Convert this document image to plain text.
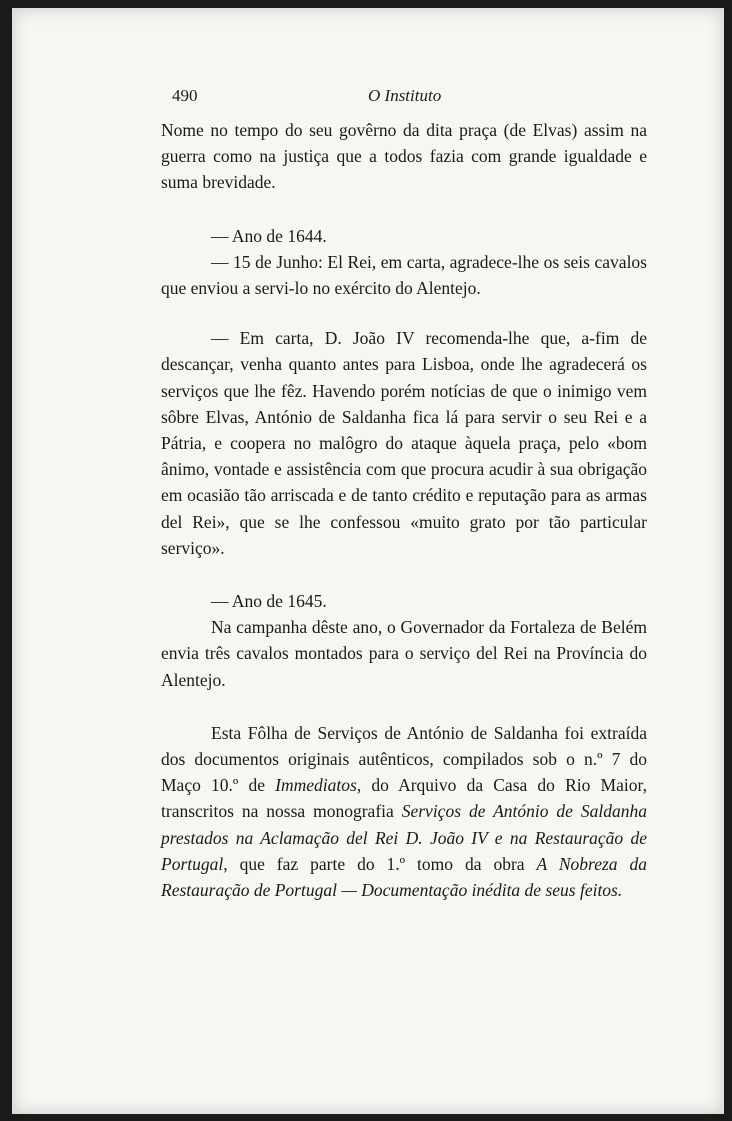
490	O Instituto

Nome no tempo do seu govêrno da dita praça (de Elvas) assim na guerra como na justiça que a todos fazia com grande igualdade e suma brevidade.

— Ano de 1644.

— 15 de Junho: El Rei, em carta, agradece-lhe os seis cavalos que enviou a servi-lo no exército do Alentejo.

— Em carta, D. João IV recomenda-lhe que, a-fim de descançar, venha quanto antes para Lisboa, onde lhe agradecerá os serviços que lhe fêz. Havendo porém notícias de que o inimigo vem sôbre Elvas, António de Saldanha fica lá para servir o seu Rei e a Pátria, e coopera no malôgro do ataque àquela praça, pelo «bom ânimo, vontade e assistência com que procura acudir à sua obrigação em ocasião tão arriscada e de tanto crédito e reputação para as armas del Rei», que se lhe confessou «muito grato por tão particular serviço».

— Ano de 1645.

Na campanha dêste ano, o Governador da Fortaleza de Belém envia três cavalos montados para o serviço del Rei na Província do Alentejo.

Esta Fôlha de Serviços de António de Saldanha foi extraída dos documentos originais autênticos, compilados sob o n.º 7 do Maço 10.º de Immediatos, do Arquivo da Casa do Rio Maior, transcritos na nossa monografia Serviços de António de Saldanha prestados na Aclamação del Rei D. João IV e na Restauração de Portugal, que faz parte do 1.º tomo da obra A Nobreza da Restauração de Portugal — Documentação inédita de seus feitos.
